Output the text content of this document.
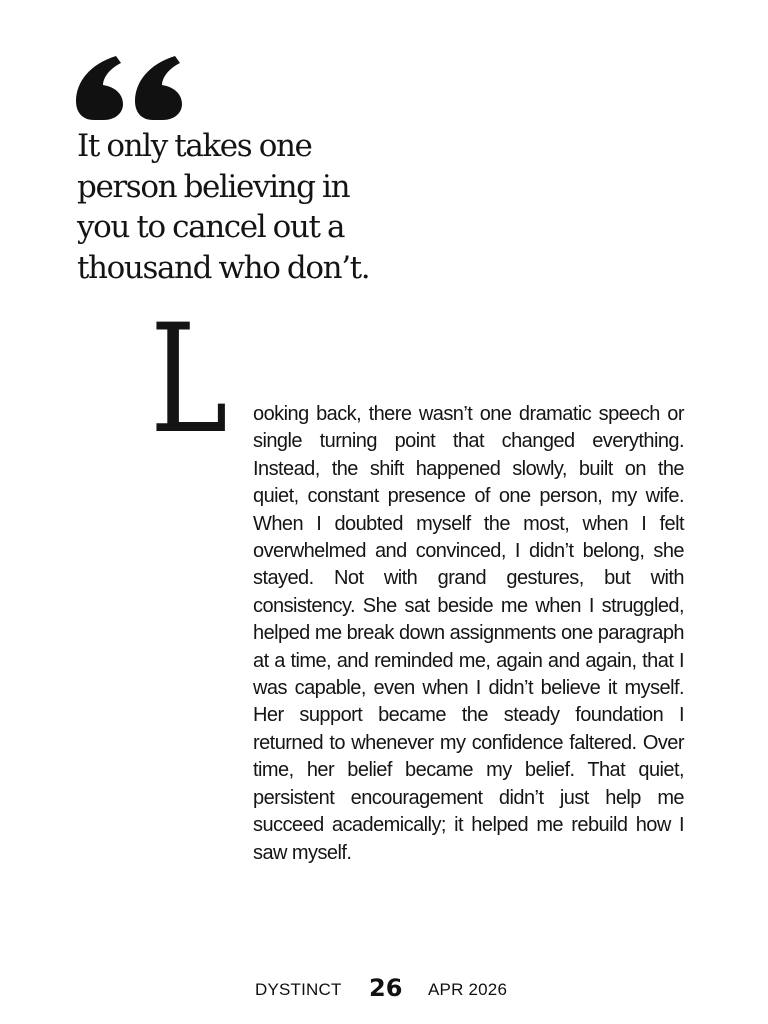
It only takes one person believing in you to cancel out a thousand who don’t.

L ooking back, there wasn’t one dramatic speech or single turning point that changed everything. Instead, the shift happened slowly, built on the quiet, constant presence of one person, my wife. When I doubted myself the most, when I felt overwhelmed and convinced, I didn’t belong, she stayed. Not with grand gestures, but with consistency. She sat beside me when I struggled, helped me break down assignments one paragraph at a time, and reminded me, again and again, that I was capable, even when I didn’t believe it myself. Her support became the steady foundation I returned to whenever my confidence faltered. Over time, her belief became my belief. That quiet, persistent encouragement didn’t just help me succeed academically; it helped me rebuild how I saw myself.

DYSTINCT 26 APR 2026
